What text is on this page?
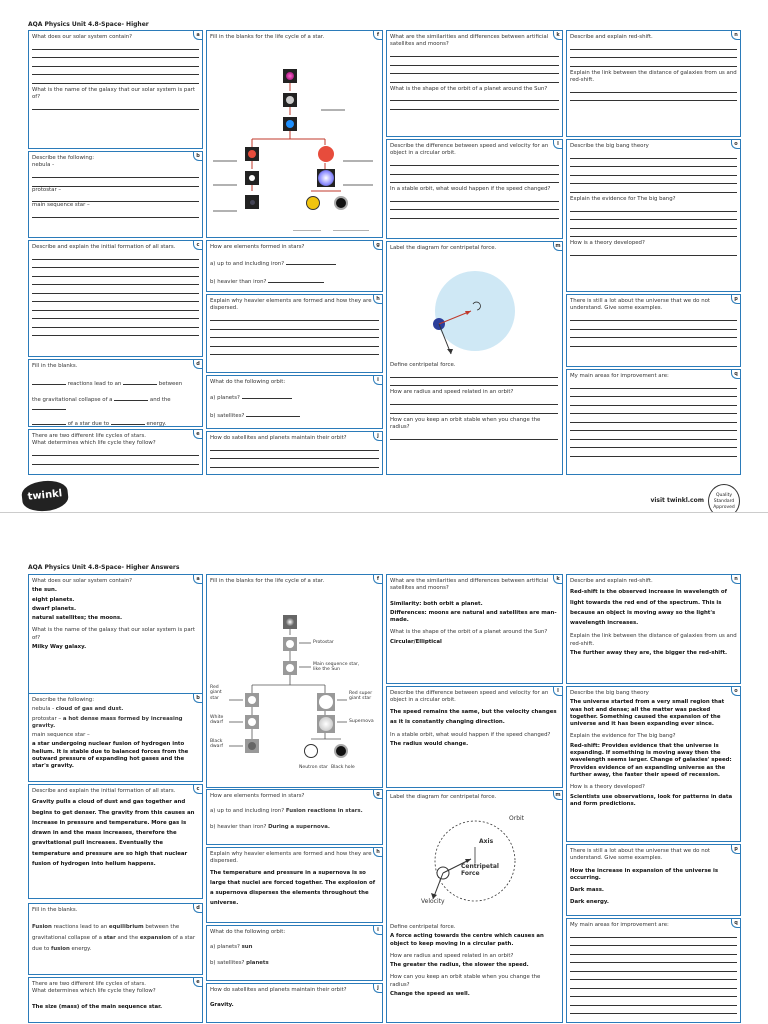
AQA Physics Unit 4.8-Space- Higher
a
What does our solar system contain?
What is the name of the galaxy that our solar system is part of?
b
Describe the following:
nebula -
protostar –
main sequence star –
c
Describe and explain the initial formation of all stars.
d
Fill in the blanks.
reactions lead to an	between
the gravitational collapse of a	and the
of a star due to	energy.
e
There are two different life cycles of stars.
What determines which life cycle they follow?
f
Fill in the blanks for the life cycle of a star.
g
How are elements formed in stars?
a) up to and including iron?
b) heavier than iron?
h
Explain why heavier elements are formed and how they are dispersed.
i
What do the following orbit:
a) planets?
b) satellites?
j
How do satellites and planets maintain their orbit?
k
What are the similarities and differences between artificial satellites and moons?
What is the shape of the orbit of a planet around the Sun?
l
Describe the difference between speed and velocity for an object in a circular orbit.
In a stable orbit, what would happen if the speed changed?
m
Label the diagram for centripetal force.
Define centripetal force.
How are radius and speed related in an orbit?
How can you keep an orbit stable when you change the radius?
n
Describe and explain red-shift.
Explain the link between the distance of galaxies from us and red-shift.
o
Describe the big bang theory
Explain the evidence for The big bang?
How is a theory developed?
p
There is still a lot about the universe that we do not understand. Give some examples.
q
My main areas for improvement are:
twinkl	visit twinkl.com
Quality Standard Approved
AQA Physics Unit 4.8-Space- Higher Answers
a
What does our solar system contain?
the sun.
eight planets.
dwarf planets.
natural satellites; the moons.
What is the name of the galaxy that our solar system is part of?
Milky Way galaxy.
b
Describe the following:
nebula - cloud of gas and dust.
protostar – a hot dense mass formed by increasing gravity.
main sequence star –
a star undergoing nuclear fusion of hydrogen into helium. It is stable due to balanced forces from the outward pressure of expanding hot gases and the star's gravity.
c
Describe and explain the initial formation of all stars.
Gravity pulls a cloud of dust and gas together and begins to get denser. The gravity from this causes an increase in pressure and temperature. More gas is drawn in and the mass increases, therefore the gravitational pull increases. Eventually the temperature and pressure are so high that nuclear fusion of hydrogen into helium happens.
d
Fill in the blanks.
Fusion reactions lead to an equilibrium between the gravitational collapse of a star and the expansion of a star due to fusion energy.
e
There are two different life cycles of stars.
What determines which life cycle they follow?
The size (mass) of the main sequence star.
f
Fill in the blanks for the life cycle of a star.
Protostar
Main sequence star, like the Sun
Red giant star
Red super giant star
White dwarf	Supernova
Black dwarf
Neutron star Black hole
g
How are elements formed in stars?
a) up to and including iron? Fusion reactions in stars.
b) heavier than iron? During a supernova.
h
Explain why heavier elements are formed and how they are dispersed.
The temperature and pressure in a supernova is so large that nuclei are forced together. The explosion of a supernova disperses the elements throughout the universe.
i
What do the following orbit:
a) planets? sun
b) satellites? planets
j
How do satellites and planets maintain their orbit?
Gravity.
k
What are the similarities and differences between artificial satellites and moons?
Similarity: both orbit a planet.
Differences: moons are natural and satellites are man-made.
What is the shape of the orbit of a planet around the Sun?
Circular/Elliptical
l
Describe the difference between speed and velocity for an object in a circular orbit.
The speed remains the same, but the velocity changes as it is constantly changing direction.
In a stable orbit, what would happen if the speed changed?
The radius would change.
m
Label the diagram for centripetal force.
Orbit
Axis
Centripetal Force
Velocity
Define centripetal force.
A force acting towards the centre which causes an object to keep moving in a circular path.
How are radius and speed related in an orbit?
The greater the radius, the slower the speed.
How can you keep an orbit stable when you change the radius?
Change the speed as well.
n
Describe and explain red-shift.
Red-shift is the observed increase in wavelength of light towards the red end of the spectrum. This is because an object is moving away so the light's wavelength increases.
Explain the link between the distance of galaxies from us and red-shift.
The further away they are, the bigger the red-shift.
o
Describe the big bang theory
The universe started from a very small region that was hot and dense; all the matter was packed together. Something caused the expansion of the universe and it has been expanding ever since.
Explain the evidence for The big bang?
Red-shift: Provides evidence that the universe is expanding. If something is moving away then the wavelength seems larger. Change of galaxies' speed: Provides evidence of an expanding universe as the further away, the faster their speed of recession.
How is a theory developed?
Scientists use observations, look for patterns in data and form predictions.
p
There is still a lot about the universe that we do not understand. Give some examples.
How the increase in expansion of the universe is occurring.
Dark mass.
Dark energy.
q
My main areas for improvement are:
